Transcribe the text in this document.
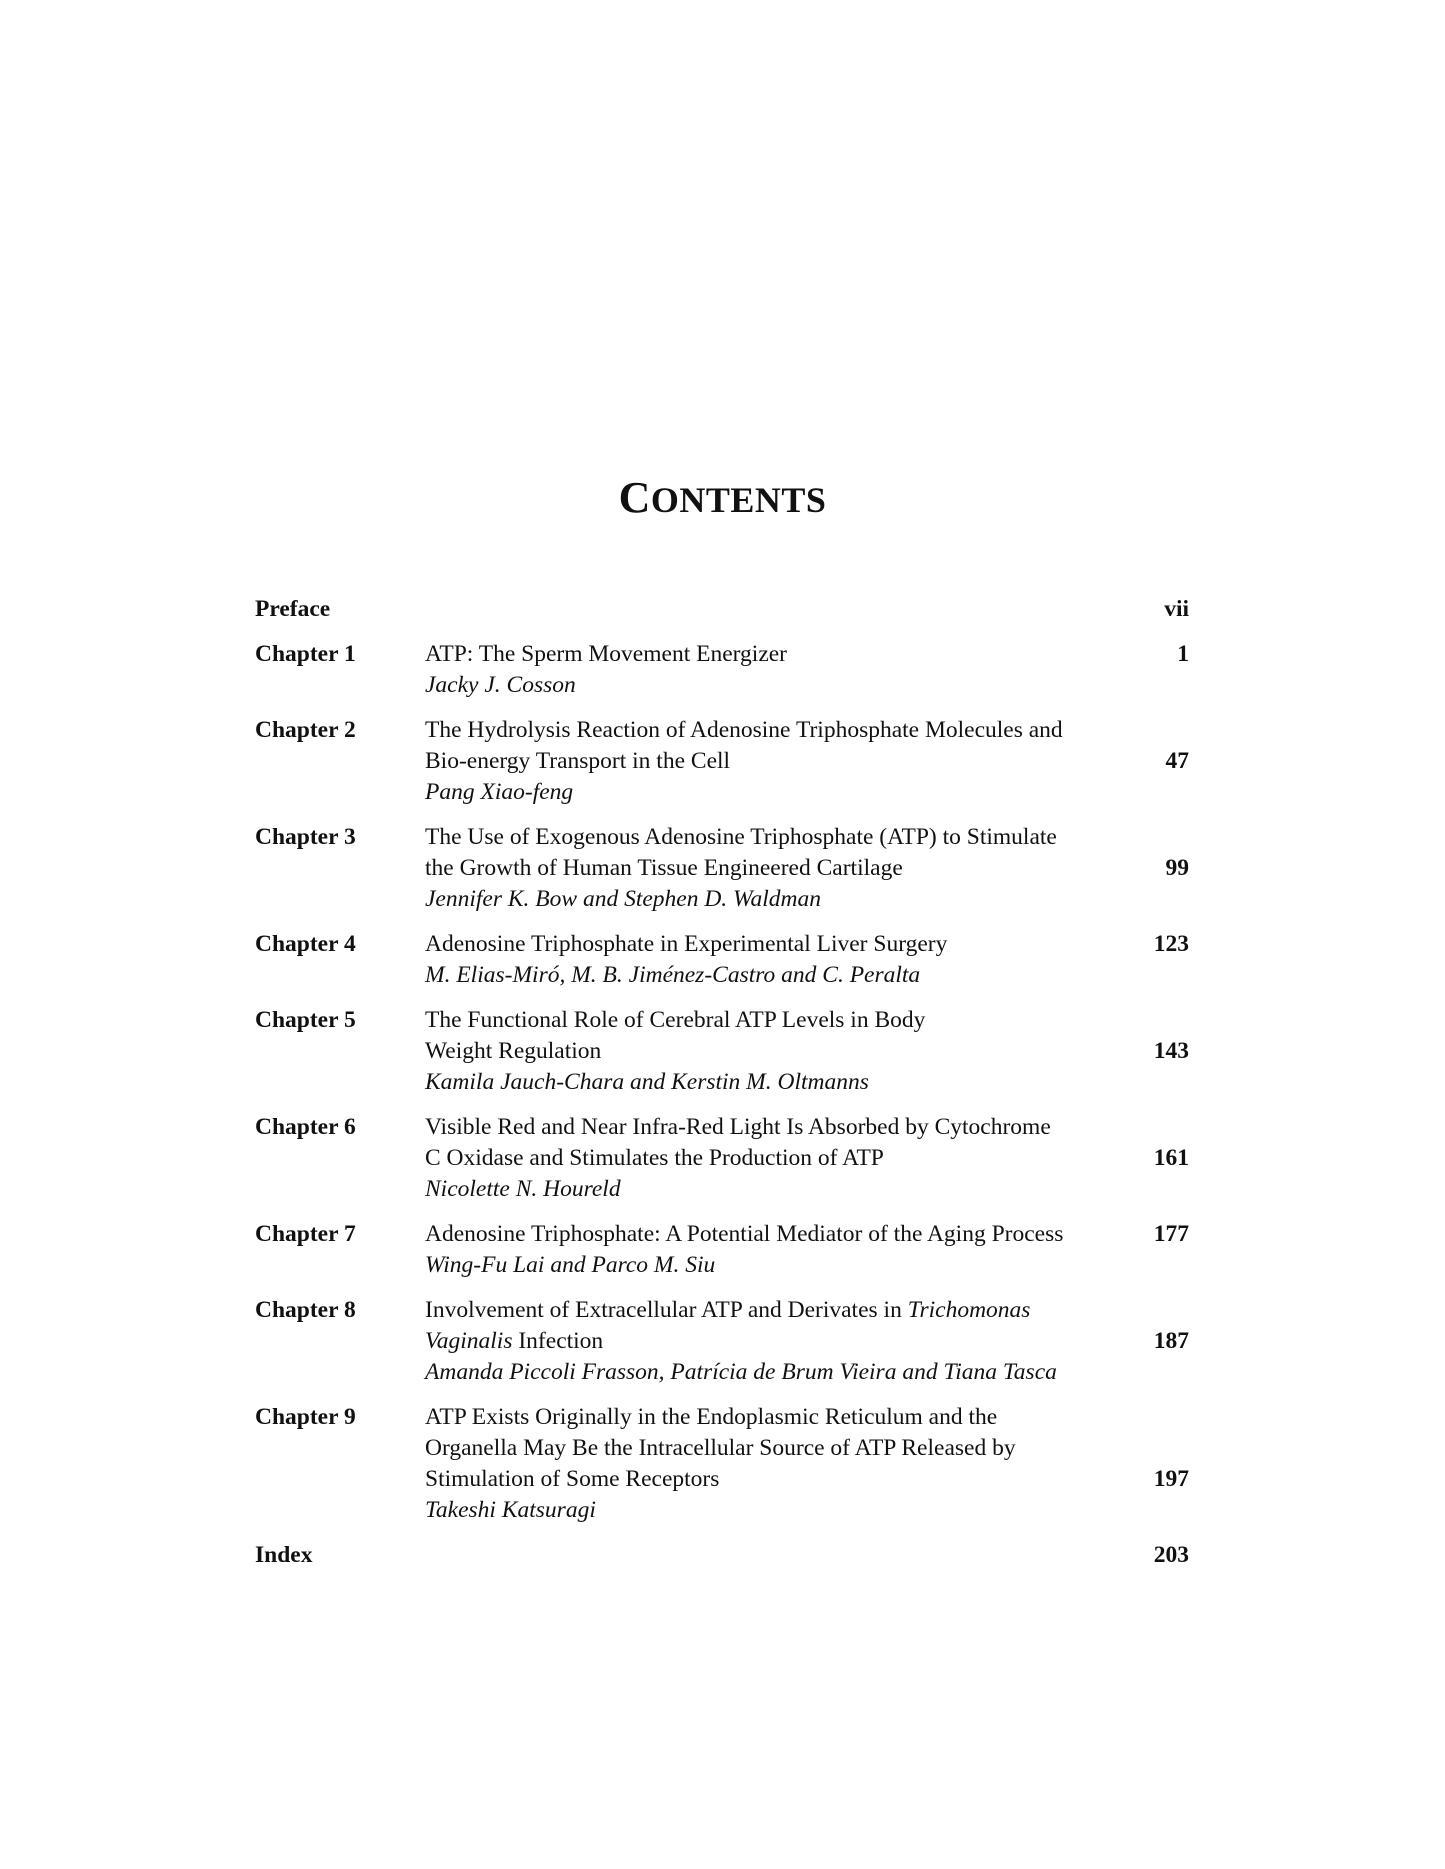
CONTENTS
Preface	vii
Chapter 1	ATP: The Sperm Movement Energizer
Jacky J. Cosson
1
Chapter 2	The Hydrolysis Reaction of Adenosine Triphosphate Molecules and
Bio-energy Transport in the Cell
Pang Xiao-feng
47
Chapter 3	The Use of Exogenous Adenosine Triphosphate (ATP) to Stimulate
the Growth of Human Tissue Engineered Cartilage
Jennifer K. Bow and Stephen D. Waldman
99
Chapter 4	Adenosine Triphosphate in Experimental Liver Surgery
M. Elias-Miró, M. B. Jiménez-Castro and C. Peralta
123
Chapter 5	The Functional Role of Cerebral ATP Levels in Body
Weight Regulation
Kamila Jauch-Chara and Kerstin M. Oltmanns
143
Chapter 6	Visible Red and Near Infra-Red Light Is Absorbed by Cytochrome
C Oxidase and Stimulates the Production of ATP
Nicolette N. Houreld
161
Chapter 7	Adenosine Triphosphate: A Potential Mediator of the Aging Process
Wing-Fu Lai and Parco M. Siu
177
Chapter 8	Involvement of Extracellular ATP and Derivates in Trichomonas
Vaginalis Infection
Amanda Piccoli Frasson, Patrícia de Brum Vieira and Tiana Tasca
187
Chapter 9	ATP Exists Originally in the Endoplasmic Reticulum and the
Organella May Be the Intracellular Source of ATP Released by
Stimulation of Some Receptors
Takeshi Katsuragi
197
Index	203
